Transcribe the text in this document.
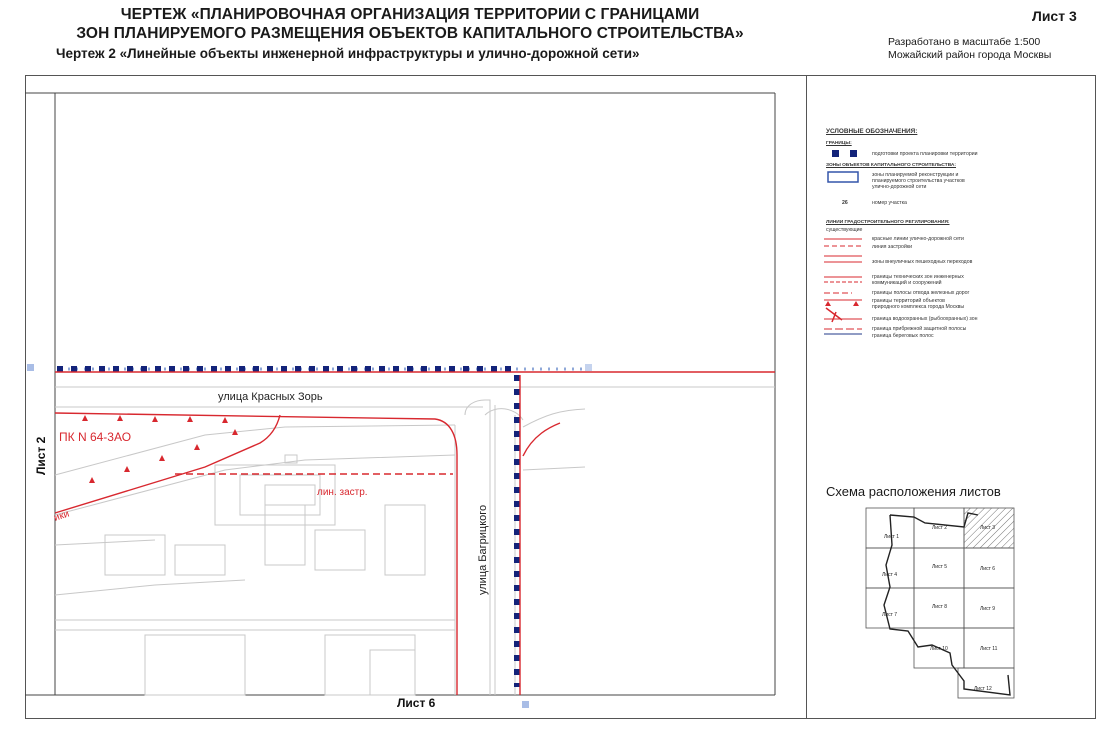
ЧЕРТЕЖ «ПЛАНИРОВОЧНАЯ ОРГАНИЗАЦИЯ ТЕРРИТОРИИ С ГРАНИЦАМИ
ЗОН ПЛАНИРУЕМОГО РАЗМЕЩЕНИЯ ОБЪЕКТОВ КАПИТАЛЬНОГО СТРОИТЕЛЬСТВА»
Чертеж 2 «Линейные объекты инженерной инфраструктуры и улично-дорожной сети»
Лист 3
Разработано в масштабе 1:500
Можайский район города Москвы
улица Красных Зорь
ПК N 64-3АО
лин. застр.
ики	улица Багрицкого
Лист 2
Лист 6
УСЛОВНЫЕ ОБОЗНАЧЕНИЯ:
ГРАНИЦЫ:
подготовки проекта планировки территории
ЗОНЫ ОБЪЕКТОВ КАПИТАЛЬНОГО СТРОИТЕЛЬСТВА:
зоны планируемой реконструкции и
планируемого строительства участков
улично-дорожной сети
26	номер участка
ЛИНИИ ГРАДОСТРОИТЕЛЬНОГО РЕГУЛИРОВАНИЯ:
существующие
красные линии улично-дорожной сети
линия застройки
зоны внеуличных пешеходных переходов
границы технических зон инженерных
коммуникаций и сооружений
границы полосы отвода железных дорог
границы территорий объектов
природного комплекса города Москвы
граница водоохранных (рыбоохранных) зон
граница прибрежной защитной полосы
граница береговых полос
Схема расположения листов
Лист 1
Лист 2	Лист 3
Лист 4
Лист 5	Лист 6
Лист 7
Лист 8	Лист 9
Лист 10	Лист 11
Лист 12
